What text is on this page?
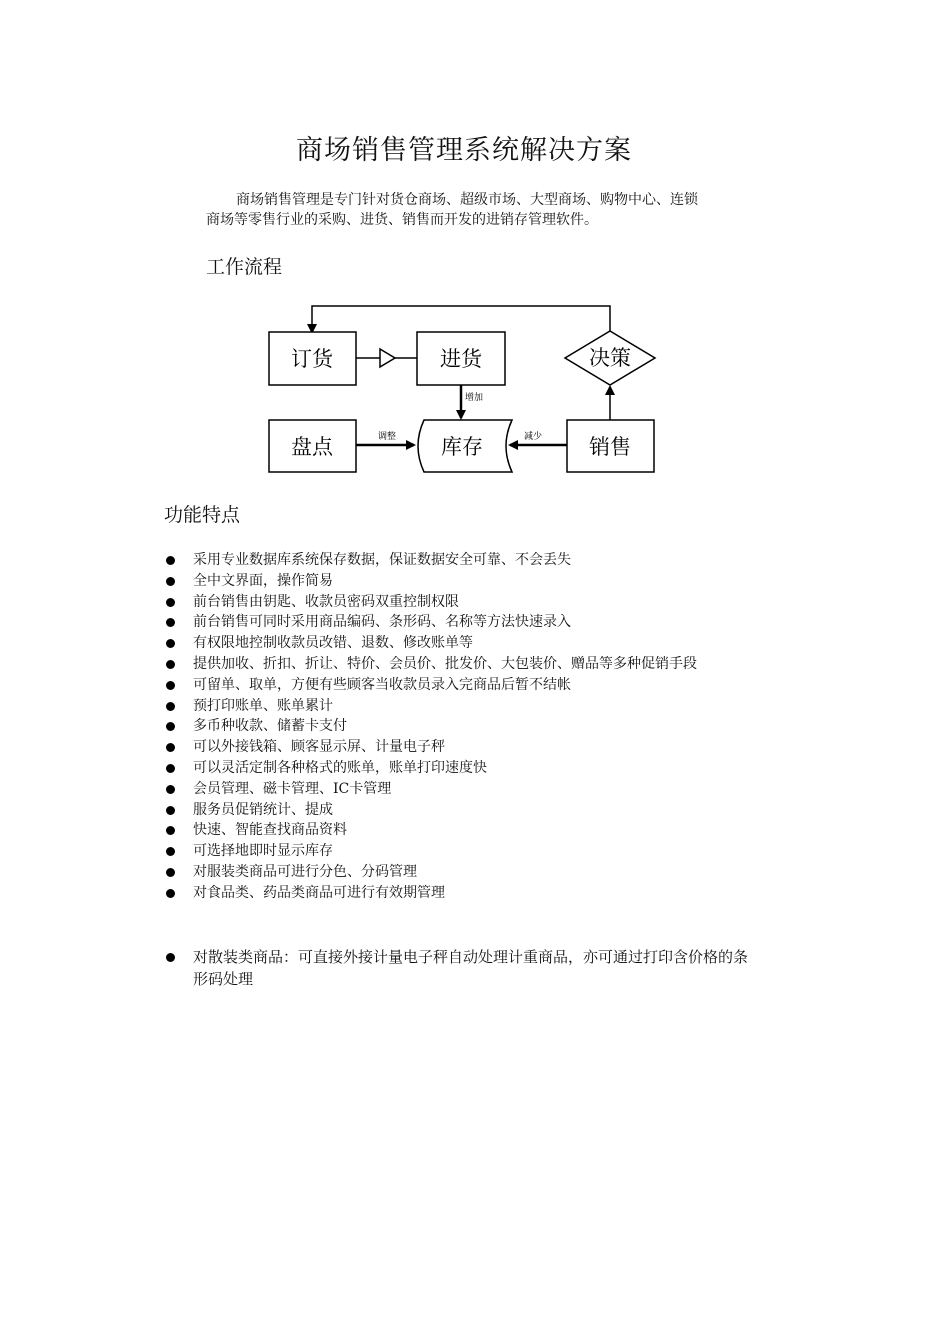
商场销售管理系统解决方案
商场销售管理是专门针对货仓商场、超级市场、大型商场、购物中心、连锁
商场等零售行业的采购、进货、销售而开发的进销存管理软件。
工作流程
订货	进货	决策
增加
盘点	调整 库存	销售
减少
功能特点
采用专业数据库系统保存数据，保证数据安全可靠、不会丢失
全中文界面，操作简易
前台销售由钥匙、收款员密码双重控制权限
前台销售可同时采用商品编码、条形码、名称等方法快速录入
有权限地控制收款员改错、退数、修改账单等
提供加收、折扣、折让、特价、会员价、批发价、大包装价、赠品等多种促销手段
可留单、取单，方便有些顾客当收款员录入完商品后暂不结帐
预打印账单、账单累计
多币种收款、储蓄卡支付
可以外接钱箱、顾客显示屏、计量电子秤
可以灵活定制各种格式的账单，账单打印速度快
会员管理、磁卡管理、IC卡管理
服务员促销统计、提成
快速、智能查找商品资料
可选择地即时显示库存
对服装类商品可进行分色、分码管理
对食品类、药品类商品可进行有效期管理
对散装类商品：可直接外接计量电子秤自动处理计重商品，亦可通过打印含价格的条形码处理
